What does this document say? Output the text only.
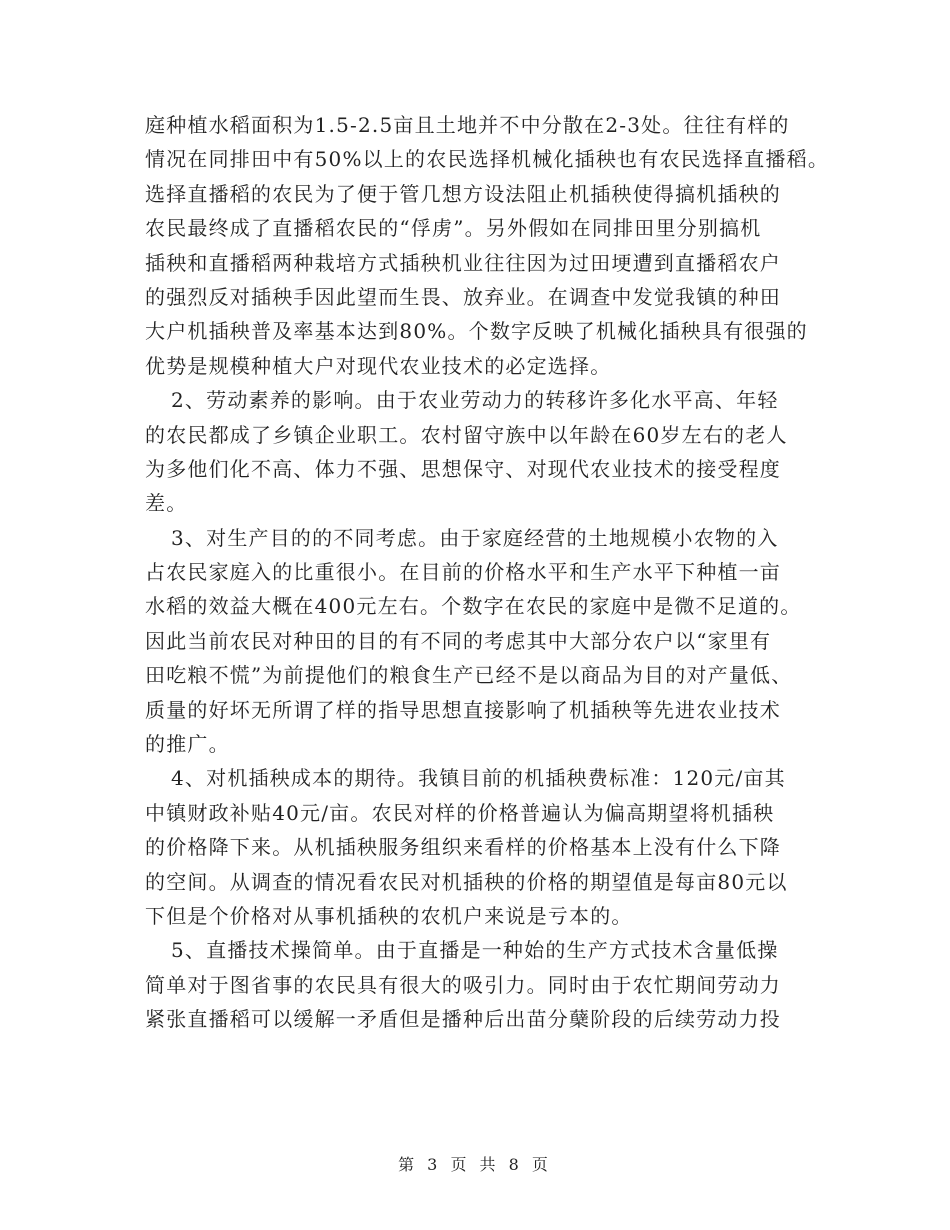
庭种植水稻面积为1.5-2.5亩且土地并不中分散在2-3处。往往有样的
情况在同排田中有50%以上的农民选择机械化插秧也有农民选择直播稻。
选择直播稻的农民为了便于管几想方设法阻止机插秧使得搞机插秧的
农民最终成了直播稻农民的“俘虏”。另外假如在同排田里分别搞机
插秧和直播稻两种栽培方式插秧机业往往因为过田埂遭到直播稻农户
的强烈反对插秧手因此望而生畏、放弃业。在调查中发觉我镇的种田
大户机插秧普及率基本达到80%。个数字反映了机械化插秧具有很强的
优势是规模种植大户对现代农业技术的必定选择。
2、劳动素养的影响。由于农业劳动力的转移许多化水平高、年轻
的农民都成了乡镇企业职工。农村留守族中以年龄在60岁左右的老人
为多他们化不高、体力不强、思想保守、对现代农业技术的接受程度
差。
3、对生产目的的不同考虑。由于家庭经营的土地规模小农物的入
占农民家庭入的比重很小。在目前的价格水平和生产水平下种植一亩
水稻的效益大概在400元左右。个数字在农民的家庭中是微不足道的。
因此当前农民对种田的目的有不同的考虑其中大部分农户以“家里有
田吃粮不慌”为前提他们的粮食生产已经不是以商品为目的对产量低、
质量的好坏无所谓了样的指导思想直接影响了机插秧等先进农业技术
的推广。
4、对机插秧成本的期待。我镇目前的机插秧费标准：120元/亩其
中镇财政补贴40元/亩。农民对样的价格普遍认为偏高期望将机插秧
的价格降下来。从机插秧服务组织来看样的价格基本上没有什么下降
的空间。从调查的情况看农民对机插秧的价格的期望值是每亩80元以
下但是个价格对从事机插秧的农机户来说是亏本的。
5、直播技术操简单。由于直播是一种始的生产方式技术含量低操
简单对于图省事的农民具有很大的吸引力。同时由于农忙期间劳动力
紧张直播稻可以缓解一矛盾但是播种后出苗分蘖阶段的后续劳动力投
第 3 页 共 8 页
